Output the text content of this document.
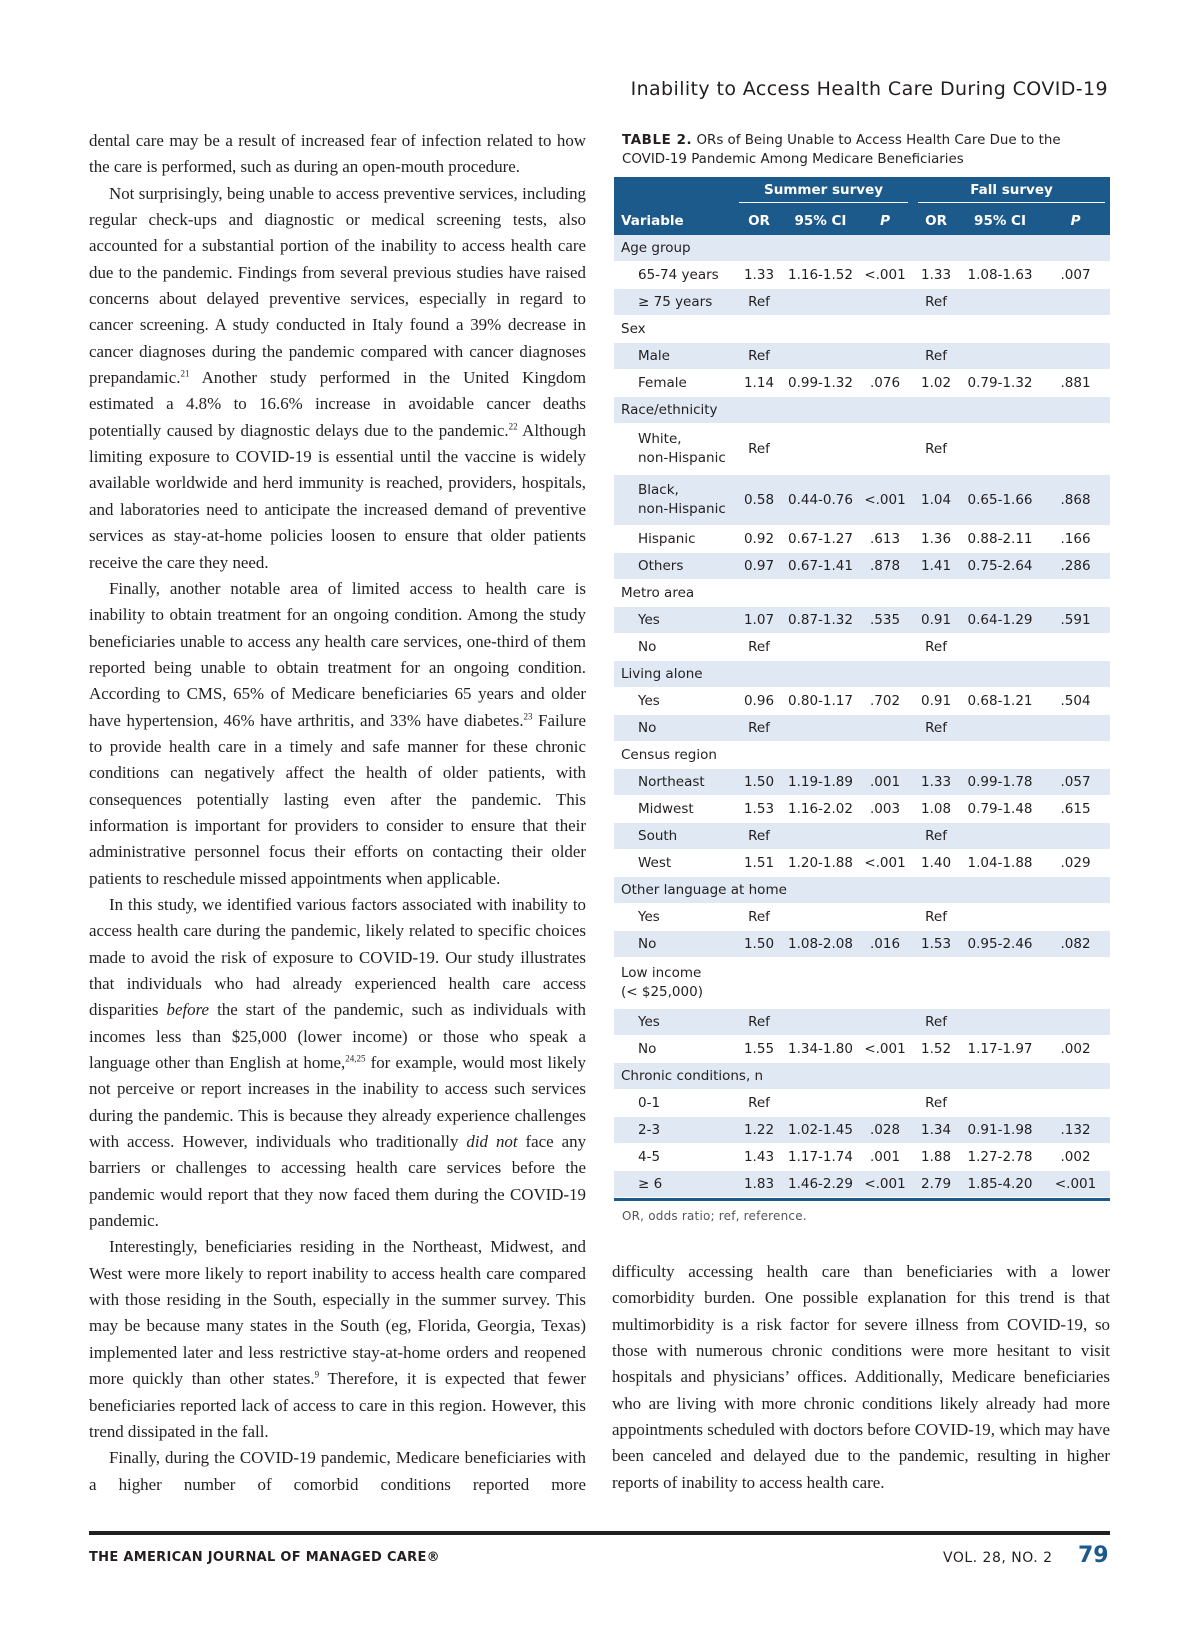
Inability to Access Health Care During COVID-19

dental care may be a result of increased fear of infection related to how the care is performed, such as during an open-mouth procedure.

Not surprisingly, being unable to access preventive services, including regular check-ups and diagnostic or medical screening tests, also accounted for a substantial portion of the inability to access health care due to the pandemic. Findings from several previous studies have raised concerns about delayed preventive services, especially in regard to cancer screening. A study conducted in Italy found a 39% decrease in cancer diagnoses during the pandemic compared with cancer diagnoses prepandamic.$^{21}$ Another study performed in the United Kingdom estimated a 4.8% to 16.6% increase in avoidable cancer deaths potentially caused by diagnostic delays due to the pandemic.$^{22}$ Although limiting exposure to COVID-19 is essential until the vaccine is widely available worldwide and herd immunity is reached, providers, hospitals, and laboratories need to anticipate the increased demand of preventive services as stay-at-home policies loosen to ensure that older patients receive the care they need.

Finally, another notable area of limited access to health care is inability to obtain treatment for an ongoing condition. Among the study beneficiaries unable to access any health care services, one-third of them reported being unable to obtain treatment for an ongoing condition. According to CMS, 65% of Medicare beneficiaries 65 years and older have hypertension, 46% have arthritis, and 33% have diabetes.$^{23}$ Failure to provide health care in a timely and safe manner for these chronic conditions can negatively affect the health of older patients, with consequences potentially lasting even after the pandemic. This information is important for providers to consider to ensure that their administrative personnel focus their efforts on contacting their older patients to reschedule missed appointments when applicable.

In this study, we identified various factors associated with inability to access health care during the pandemic, likely related to specific choices made to avoid the risk of exposure to COVID-19. Our study illustrates that individuals who had already experienced health care access disparities before the start of the pandemic, such as individuals with incomes less than $25,000 (lower income) or those who speak a language other than English at home,$^{24,25}$ for example, would most likely not perceive or report increases in the inability to access such services during the pandemic. This is because they already experience challenges with access. However, individuals who traditionally did not face any barriers or challenges to accessing health care services before the pandemic would report that they now faced them during the COVID-19 pandemic.

Interestingly, beneficiaries residing in the Northeast, Midwest, and West were more likely to report inability to access health care compared with those residing in the South, especially in the summer survey. This may be because many states in the South (eg, Florida, Georgia, Texas) implemented later and less restrictive stay-at-home orders and reopened more quickly than other states.$^9$ Therefore, it is expected that fewer beneficiaries reported lack of access to care in this region. However, this trend dissipated in the fall.

Finally, during the COVID-19 pandemic, Medicare beneficiaries with a higher number of comorbid conditions reported more

TABLE 2. ORs of Being Unable to Access Health Care Due to the COVID-19 Pandemic Among Medicare Beneficiaries
	Summer survey			Fall survey		
Variable	OR	95% CI	P	OR	95% CI	P
Age group						
65-74 years	1.33	1.16-1.52	<.001	1.33	1.08-1.63	.007
≥ 75 years	Ref			Ref		
Sex						
Male	Ref			Ref		
Female	1.14	0.99-1.32	.076	1.02	0.79-1.32	.881
Race/ethnicity						
White,
non-Hispanic	Ref			Ref		
Black,
non-Hispanic	0.58	0.44-0.76	<.001	1.04	0.65-1.66	.868
Hispanic	0.92	0.67-1.27	.613	1.36	0.88-2.11	.166
Others	0.97	0.67-1.41	.878	1.41	0.75-2.64	.286
Metro area						
Yes	1.07	0.87-1.32	.535	0.91	0.64-1.29	.591
No	Ref			Ref		
Living alone						
Yes	0.96	0.80-1.17	.702	0.91	0.68-1.21	.504
No	Ref			Ref		
Census region						
Northeast	1.50	1.19-1.89	.001	1.33	0.99-1.78	.057
Midwest	1.53	1.16-2.02	.003	1.08	0.79-1.48	.615
South	Ref			Ref		
West	1.51	1.20-1.88	<.001	1.40	1.04-1.88	.029
Other language at home						
Yes	Ref			Ref		
No	1.50	1.08-2.08	.016	1.53	0.95-2.46	.082
Low income
(< $25,000)						
Yes	Ref			Ref		
No	1.55	1.34-1.80	<.001	1.52	1.17-1.97	.002
Chronic conditions, n						
0-1	Ref			Ref		
2-3	1.22	1.02-1.45	.028	1.34	0.91-1.98	.132
4-5	1.43	1.17-1.74	.001	1.88	1.27-2.78	.002
≥ 6	1.83	1.46-2.29	<.001	2.79	1.85-4.20	<.001
OR, odds ratio; ref, reference.

difficulty accessing health care than beneficiaries with a lower comorbidity burden. One possible explanation for this trend is that multimorbidity is a risk factor for severe illness from COVID-19, so those with numerous chronic conditions were more hesitant to visit hospitals and physicians’ offices. Additionally, Medicare beneficiaries who are living with more chronic conditions likely already had more appointments scheduled with doctors before COVID-19, which may have been canceled and delayed due to the pandemic, resulting in higher reports of inability to access health care.

THE AMERICAN JOURNAL OF MANAGED CARE®	VOL. 28, NO. 2 79
